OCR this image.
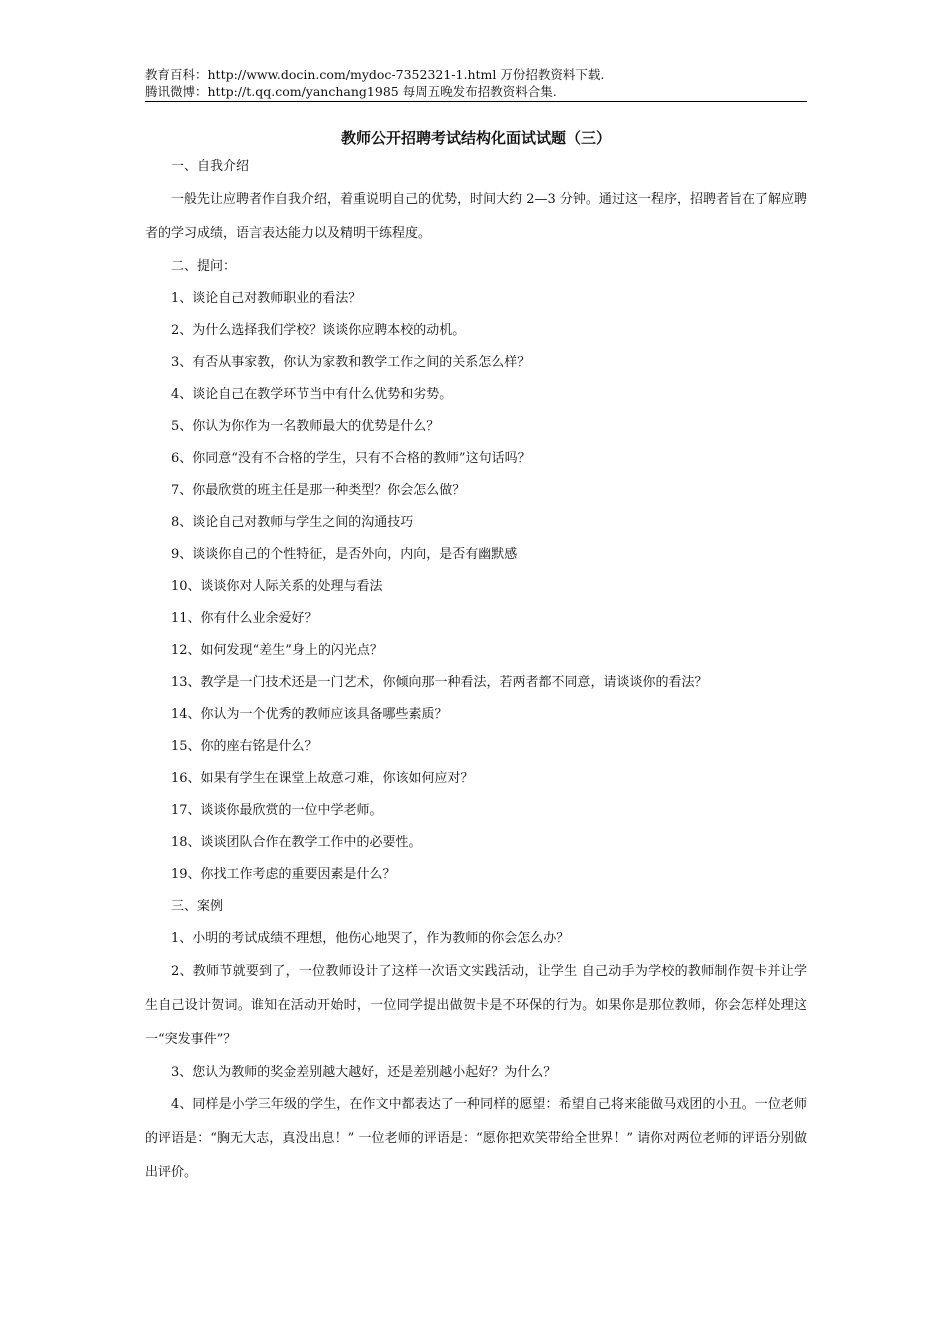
教育百科：http://www.docin.com/mydoc-7352321-1.html 万份招教资料下载.
腾讯微博：http://t.qq.com/yanchang1985 每周五晚发布招教资料合集.
教师公开招聘考试结构化面试试题（三）
一、自我介绍

一般先让应聘者作自我介绍，着重说明自己的优势，时间大约 2—3 分钟。通过这一程序，招聘者旨在了解应聘者的学习成绩，语言表达能力以及精明干练程度。

二、提问：
1、谈论自己对教师职业的看法？
2、为什么选择我们学校？谈谈你应聘本校的动机。
3、有否从事家教，你认为家教和教学工作之间的关系怎么样？
4、谈论自己在教学环节当中有什么优势和劣势。
5、你认为你作为一名教师最大的优势是什么？
6、你同意“没有不合格的学生，只有不合格的教师”这句话吗？
7、你最欣赏的班主任是那一种类型？你会怎么做？
8、谈论自己对教师与学生之间的沟通技巧
9、谈谈你自己的个性特征，是否外向，内向，是否有幽默感
10、谈谈你对人际关系的处理与看法
11、你有什么业余爱好？
12、如何发现“差生”身上的闪光点？
13、教学是一门技术还是一门艺术，你倾向那一种看法，若两者都不同意，请谈谈你的看法？
14、你认为一个优秀的教师应该具备哪些素质？
15、你的座右铭是什么？
16、如果有学生在课堂上故意刁难，你该如何应对？
17、谈谈你最欣赏的一位中学老师。
18、谈谈团队合作在教学工作中的必要性。
19、你找工作考虑的重要因素是什么？
三、案例
1、小明的考试成绩不理想，他伤心地哭了，作为教师的你会怎么办？

2、教师节就要到了，一位教师设计了这样一次语文实践活动，让学生 自己动手为学校的教师制作贺卡并让学生自己设计贺词。谁知在活动开始时，一位同学提出做贺卡是不环保的行为。如果你是那位教师，你会怎样处理这一“突发事件”？

3、您认为教师的奖金差别越大越好，还是差别越小起好？为什么？

4、同样是小学三年级的学生，在作文中都表达了一种同样的愿望：希望自己将来能做马戏团的小丑。一位老师的评语是：“胸无大志，真没出息！” 一位老师的评语是：“愿你把欢笑带给全世界！” 请你对两位老师的评语分别做出评价。
